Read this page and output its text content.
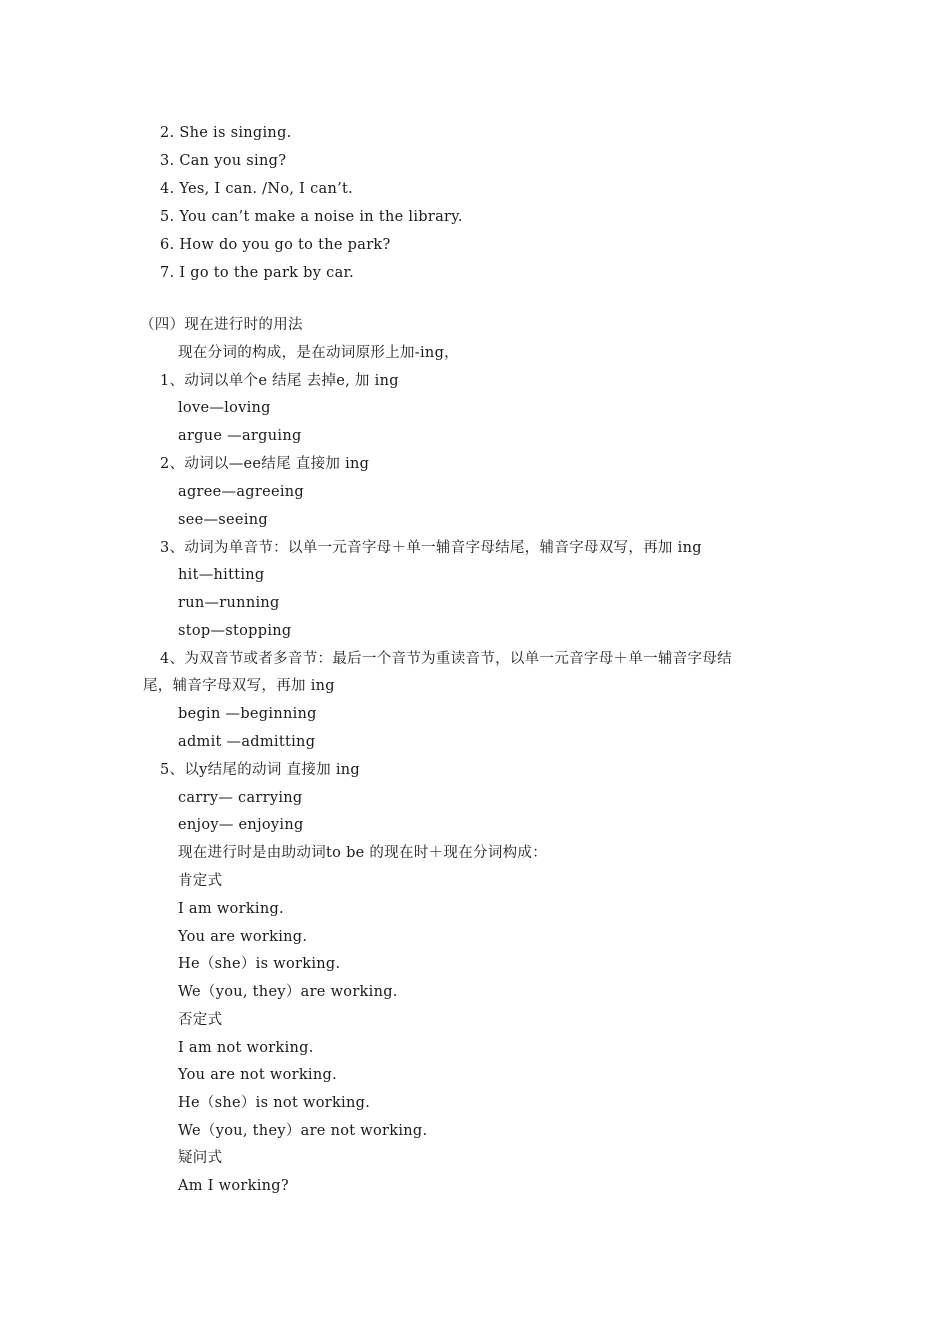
2. She is singing.
3. Can you sing?
4. Yes, I can. /No, I can’t.
5. You can’t make a noise in the library.
6. How do you go to the park?
7. I go to the park by car.
（四）现在进行时的用法
现在分词的构成，是在动词原形上加-ing，
1、动词以单个e 结尾 去掉e, 加 ing
love—loving
argue —arguing
2、动词以—ee结尾 直接加 ing
agree—agreeing
see—seeing
3、动词为单音节：以单一元音字母＋单一辅音字母结尾，辅音字母双写，再加 ing
hit—hitting
run—running
stop—stopping
4、为双音节或者多音节：最后一个音节为重读音节，以单一元音字母＋单一辅音字母结
尾，辅音字母双写，再加 ing
begin —beginning
admit —admitting
5、以y结尾的动词 直接加 ing
carry— carrying
enjoy— enjoying
现在进行时是由助动词to be 的现在时＋现在分词构成：
肯定式
I am working.
You are working.
He（she）is working.
We（you, they）are working.
否定式
I am not working.
You are not working.
He（she）is not working.
We（you, they）are not working.
疑问式
Am I working?
